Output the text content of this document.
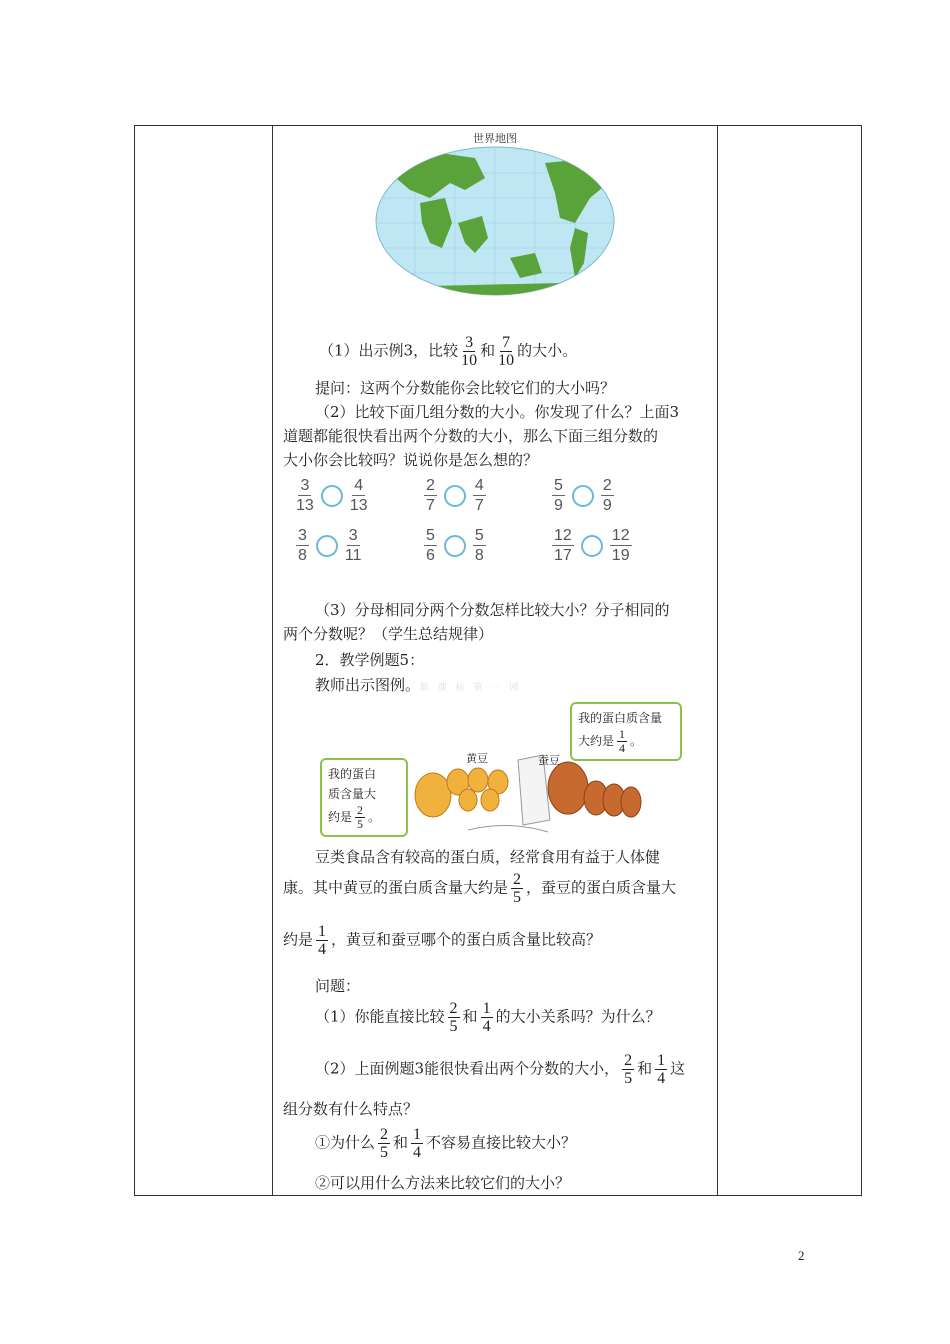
世界地图
（1）出示例3，比较 $\frac{3}{10}$ 和 $\frac{7}{10}$ 的大小。
提问：这两个分数能你会比较它们的大小吗？
（2）比较下面几组分数的大小。你发现了什么？上面3
道题都能很快看出两个分数的大小，那么下面三组分数的
大小你会比较吗？说说你是怎么想的？
$\frac{3}{13} \frac{4}{13}$	$\frac{2}{7} \frac{4}{7}$	$\frac{5}{9} \frac{2}{9}$
$\frac{3}{8} \frac{3}{11}$	$\frac{5}{6} \frac{5}{8}$	$\frac{12}{17} \frac{12}{19}$
（3）分母相同分两个分数怎样比较大小？分子相同的
两个分数呢？（学生总结规律）
2．教学例题5：
教师出示图例。新 课 标 第 一 网
黄豆	蚕豆
我的蛋白
质含量大
约是 $\frac{2}{5}$ 。
我的蛋白质含量
大约是 $\frac{1}{4}$ 。
豆类食品含有较高的蛋白质，经常食用有益于人体健
康。其中黄豆的蛋白质含量大约是 $\frac{2}{5}$ ，蚕豆的蛋白质含量大
约是 $\frac{1}{4}$ ，黄豆和蚕豆哪个的蛋白质含量比较高？
问题：
（1）你能直接比较 $\frac{2}{5}$ 和 $\frac{1}{4}$ 的大小关系吗？为什么？
（2）上面例题3能很快看出两个分数的大小， $\frac{2}{5}$ 和 $\frac{1}{4}$ 这
组分数有什么特点？
①为什么 $\frac{2}{5}$ 和 $\frac{1}{4}$ 不容易直接比较大小？
②可以用什么方法来比较它们的大小？
2
